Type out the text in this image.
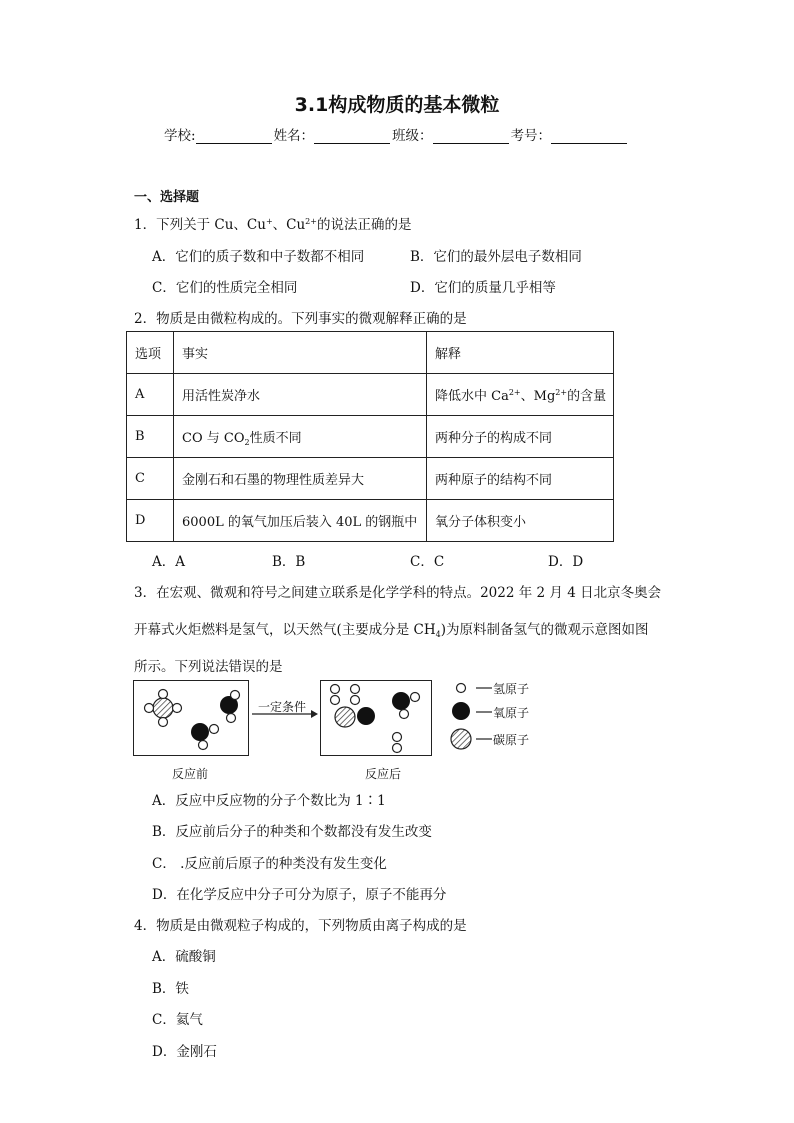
3.1构成物质的基本微粒
学校:	姓名：	班级：	考号：
一、选择题
1．下列关于 Cu、Cu+、$Cu^{2+}$的说法正确的是
A．它们的质子数和中子数都不相同	B．它们的最外层电子数相同
C．它们的性质完全相同	D．它们的质量几乎相等
2．物质是由微粒构成的。下列事实的微观解释正确的是
选项	事实	解释
A	用活性炭净水	降低水中 $Ca^{2+}$、$Mg^{2+}$的含量
B	CO 与 $CO_2$性质不同	两种分子的构成不同
C	金刚石和石墨的物理性质差异大	两种原子的结构不同
D	6000L 的氧气加压后装入 40L 的钢瓶中	氧分子体积变小
A．A	B．B	C．C	D．D
3．在宏观、微观和符号之间建立联系是化学学科的特点。2022 年 2 月 4 日北京冬奥会
开幕式火炬燃料是氢气，以天然气(主要成分是 $CH_4$)为原料制备氢气的微观示意图如图
所示。下列说法错误的是
一定条件
反应前	反应后
氢原子
氧原子
碳原子
A．反应中反应物的分子个数比为 1∶1
B．反应前后分子的种类和个数都没有发生改变
C． .反应前后原子的种类没有发生变化
D．在化学反应中分子可分为原子，原子不能再分
4．物质是由微观粒子构成的，下列物质由离子构成的是
A．硫酸铜
B．铁
C．氦气
D．金刚石
